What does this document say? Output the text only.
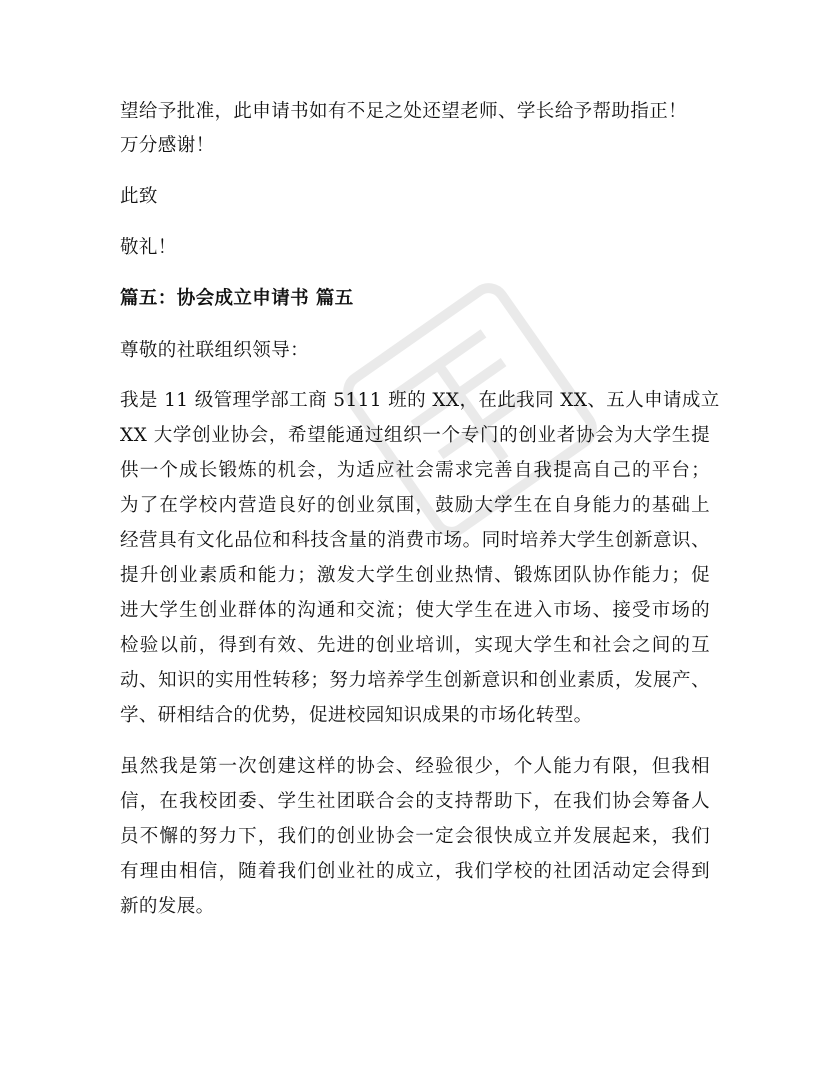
望给予批准，此申请书如有不足之处还望老师、学长给予帮助指正！
万分感谢！
此致
敬礼！
篇五：协会成立申请书 篇五
尊敬的社联组织领导：
我是 11 级管理学部工商 5111 班的 XX，在此我同 XX、五人申请成立
XX 大学创业协会，希望能通过组织一个专门的创业者协会为大学生提
供一个成长锻炼的机会，为适应社会需求完善自我提高自己的平台；
为了在学校内营造良好的创业氛围，鼓励大学生在自身能力的基础上
经营具有文化品位和科技含量的消费市场。同时培养大学生创新意识、
提升创业素质和能力；激发大学生创业热情、锻炼团队协作能力；促
进大学生创业群体的沟通和交流；使大学生在进入市场、接受市场的
检验以前，得到有效、先进的创业培训，实现大学生和社会之间的互
动、知识的实用性转移；努力培养学生创新意识和创业素质，发展产、
学、研相结合的优势，促进校园知识成果的市场化转型。
虽然我是第一次创建这样的协会、经验很少，个人能力有限，但我相
信，在我校团委、学生社团联合会的支持帮助下，在我们协会筹备人
员不懈的努力下，我们的创业协会一定会很快成立并发展起来，我们
有理由相信，随着我们创业社的成立，我们学校的社团活动定会得到
新的发展。
